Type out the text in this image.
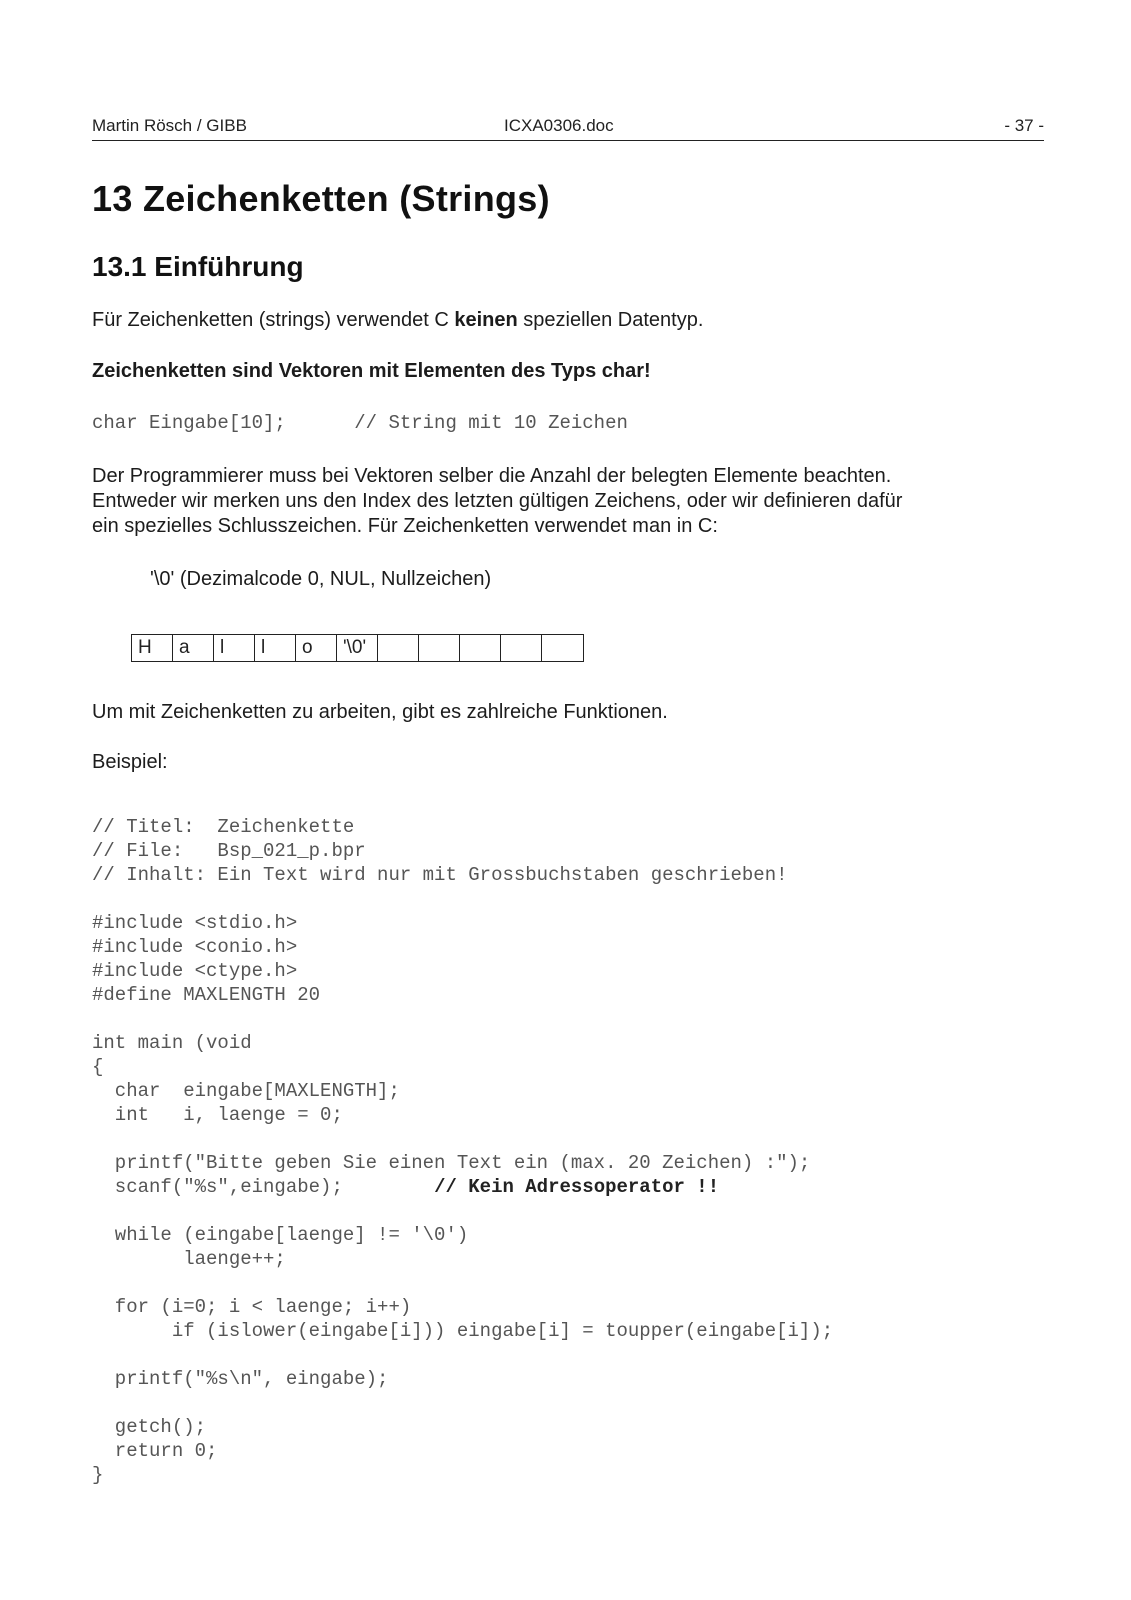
Martin Rösch / GIBB	ICXA0306.doc	- 37 -
13 Zeichenketten (Strings)
13.1 Einführung
Für Zeichenketten (strings) verwendet C keinen speziellen Datentyp.
Zeichenketten sind Vektoren mit Elementen des Typs char!
char Eingabe[10];      // String mit 10 Zeichen
Der Programmierer muss bei Vektoren selber die Anzahl der belegten Elemente beachten.
Entweder wir merken uns den Index des letzten gültigen Zeichens, oder wir definieren dafür
ein spezielles Schlusszeichen. Für Zeichenketten verwendet man in C:
'\0' (Dezimalcode 0, NUL, Nullzeichen)
H	a	l	l	o	'\0'
Um mit Zeichenketten zu arbeiten, gibt es zahlreiche Funktionen.
Beispiel:
// Titel:  Zeichenkette
// File:   Bsp_021_p.bpr
// Inhalt: Ein Text wird nur mit Grossbuchstaben geschrieben!

#include <stdio.h>
#include <conio.h>
#include <ctype.h>
#define MAXLENGTH 20

int main (void
{
char  eingabe[MAXLENGTH];
int   i, laenge = 0;

printf("Bitte geben Sie einen Text ein (max. 20 Zeichen) :");
scanf("%s",eingabe);        // Kein Adressoperator !!

while (eingabe[laenge] != '\0')
laenge++;

for (i=0; i < laenge; i++)
if (islower(eingabe[i])) eingabe[i] = toupper(eingabe[i]);

printf("%s\n", eingabe);

getch();
return 0;
}
